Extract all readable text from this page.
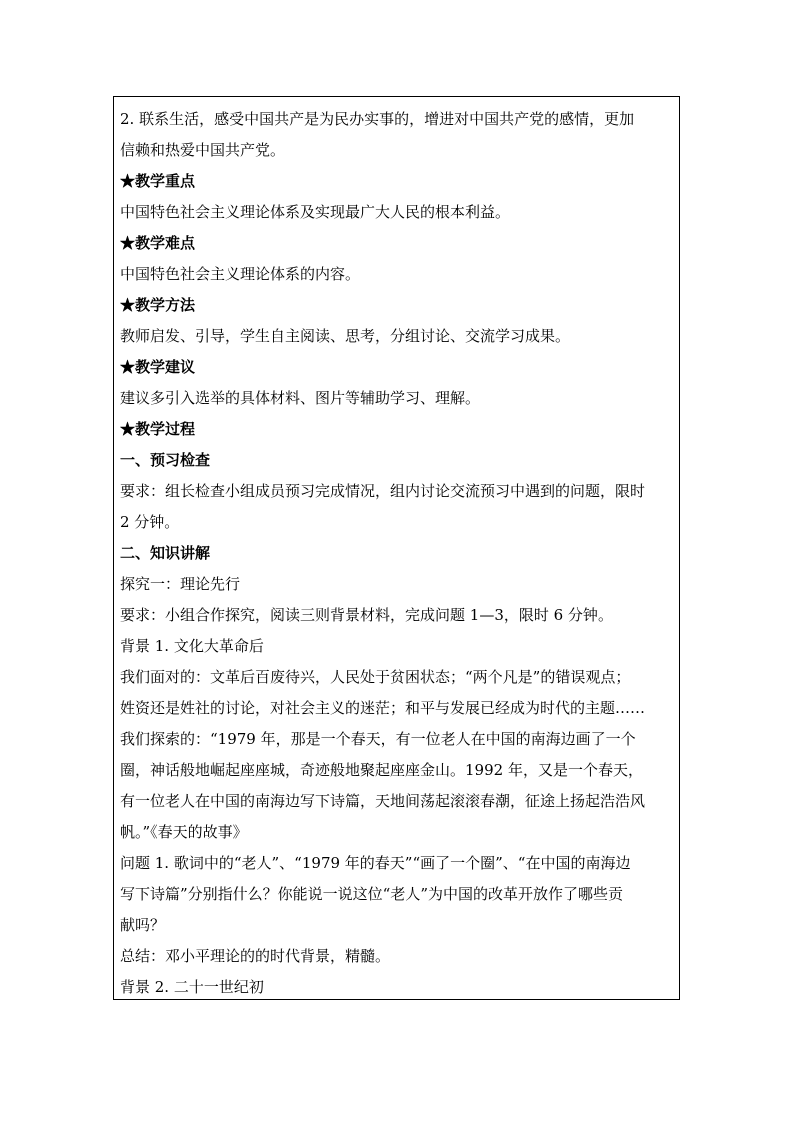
2. 联系生活，感受中国共产是为民办实事的，增进对中国共产党的感情，更加
信赖和热爱中国共产党。
★教学重点
中国特色社会主义理论体系及实现最广大人民的根本利益。
★教学难点
中国特色社会主义理论体系的内容。
★教学方法
教师启发、引导，学生自主阅读、思考，分组讨论、交流学习成果。
★教学建议
建议多引入选举的具体材料、图片等辅助学习、理解。
★教学过程
一、预习检查
要求：组长检查小组成员预习完成情况，组内讨论交流预习中遇到的问题，限时
2 分钟。
二、知识讲解
探究一：理论先行
要求：小组合作探究，阅读三则背景材料，完成问题 1—3，限时 6 分钟。
背景 1. 文化大革命后
我们面对的：文革后百废待兴，人民处于贫困状态；“两个凡是”的错误观点；
姓资还是姓社的讨论，对社会主义的迷茫；和平与发展已经成为时代的主题……
我们探索的：“1979 年，那是一个春天，有一位老人在中国的南海边画了一个
圈，神话般地崛起座座城，奇迹般地聚起座座金山。1992 年，又是一个春天，
有一位老人在中国的南海边写下诗篇，天地间荡起滚滚春潮，征途上扬起浩浩风
帆。”《春天的故事》
问题 1. 歌词中的“老人”、“1979 年的春天”“画了一个圈”、“在中国的南海边
写下诗篇”分别指什么？你能说一说这位“老人”为中国的改革开放作了哪些贡
献吗？
总结：邓小平理论的的时代背景，精髓。
背景 2. 二十一世纪初
